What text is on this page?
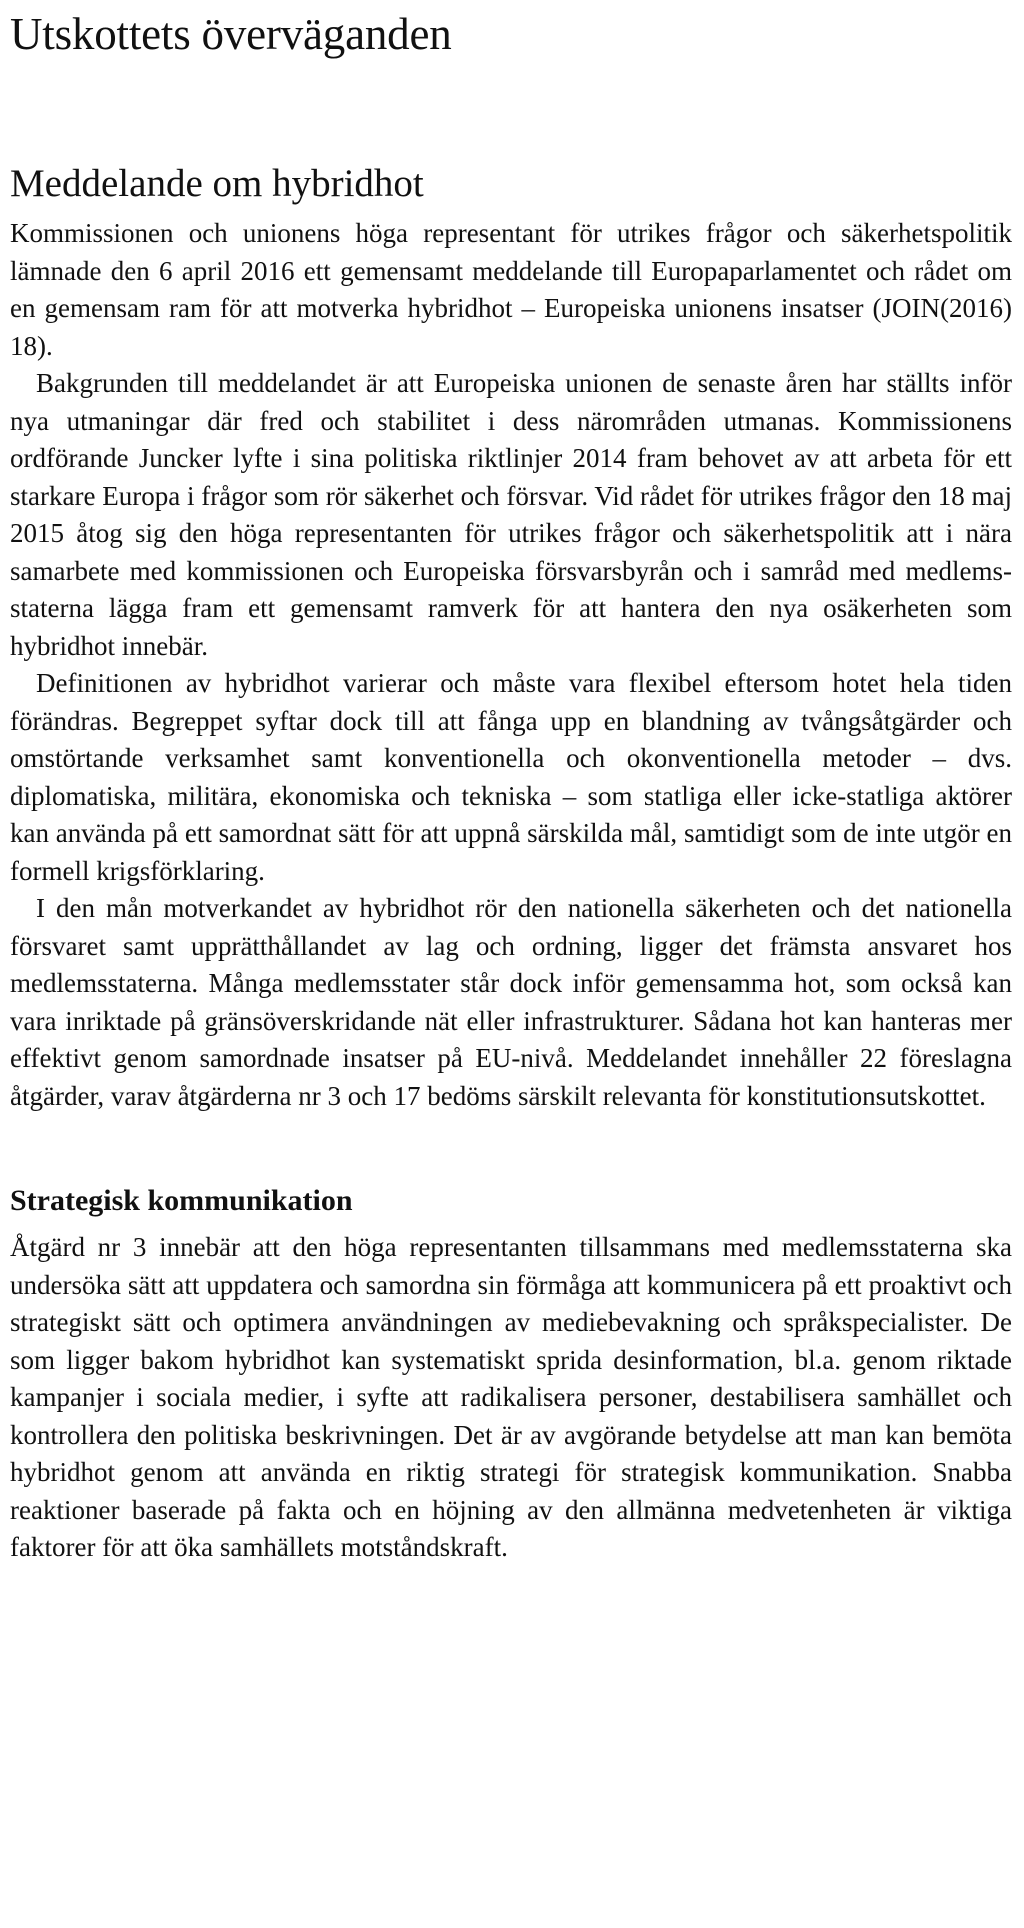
Utskottets överväganden
Meddelande om hybridhot

Kommissionen och unionens höga representant för utrikes frågor och säkerhetspolitik lämnade den 6 april 2016 ett gemensamt meddelande till Europaparlamentet och rådet om en gemensam ram för att motverka hybridhot – Europeiska unionens insatser (JOIN(2016) 18).

Bakgrunden till meddelandet är att Europeiska unionen de senaste åren har ställts inför nya utmaningar där fred och stabilitet i dess närområden utmanas. Kommissionens ordförande Juncker lyfte i sina politiska riktlinjer 2014 fram behovet av att arbeta för ett starkare Europa i frågor som rör säkerhet och försvar. Vid rådet för utrikes frågor den 18 maj 2015 åtog sig den höga representanten för utrikes frågor och säkerhetspolitik att i nära samarbete med kommissionen och Europeiska försvarsbyrån och i samråd med medlemsstaterna lägga fram ett gemensamt ramverk för att hantera den nya osäkerheten som hybridhot innebär.

Definitionen av hybridhot varierar och måste vara flexibel eftersom hotet hela tiden förändras. Begreppet syftar dock till att fånga upp en blandning av tvångsåtgärder och omstörtande verksamhet samt konventionella och okonventionella metoder – dvs. diplomatiska, militära, ekonomiska och tekniska – som statliga eller icke-statliga aktörer kan använda på ett samordnat sätt för att uppnå särskilda mål, samtidigt som de inte utgör en formell krigsförklaring.

I den mån motverkandet av hybridhot rör den nationella säkerheten och det nationella försvaret samt upprätthållandet av lag och ordning, ligger det främsta ansvaret hos medlemsstaterna. Många medlemsstater står dock inför gemensamma hot, som också kan vara inriktade på gränsöverskridande nät eller infrastrukturer. Sådana hot kan hanteras mer effektivt genom samordnade insatser på EU-nivå. Meddelandet innehåller 22 föreslagna åtgärder, varav åtgärderna nr 3 och 17 bedöms särskilt relevanta för konstitutionsutskottet.

Strategisk kommunikation

Åtgärd nr 3 innebär att den höga representanten tillsammans med medlemsstaterna ska undersöka sätt att uppdatera och samordna sin förmåga att kommunicera på ett proaktivt och strategiskt sätt och optimera användningen av mediebevakning och språkspecialister. De som ligger bakom hybridhot kan systematiskt sprida desinformation, bl.a. genom riktade kampanjer i sociala medier, i syfte att radikalisera personer, destabilisera samhället och kontrollera den politiska beskrivningen. Det är av avgörande betydelse att man kan bemöta hybridhot genom att använda en riktig strategi för strategisk kommunikation. Snabba reaktioner baserade på fakta och en höjning av den allmänna medvetenheten är viktiga faktorer för att öka samhällets motståndskraft.
